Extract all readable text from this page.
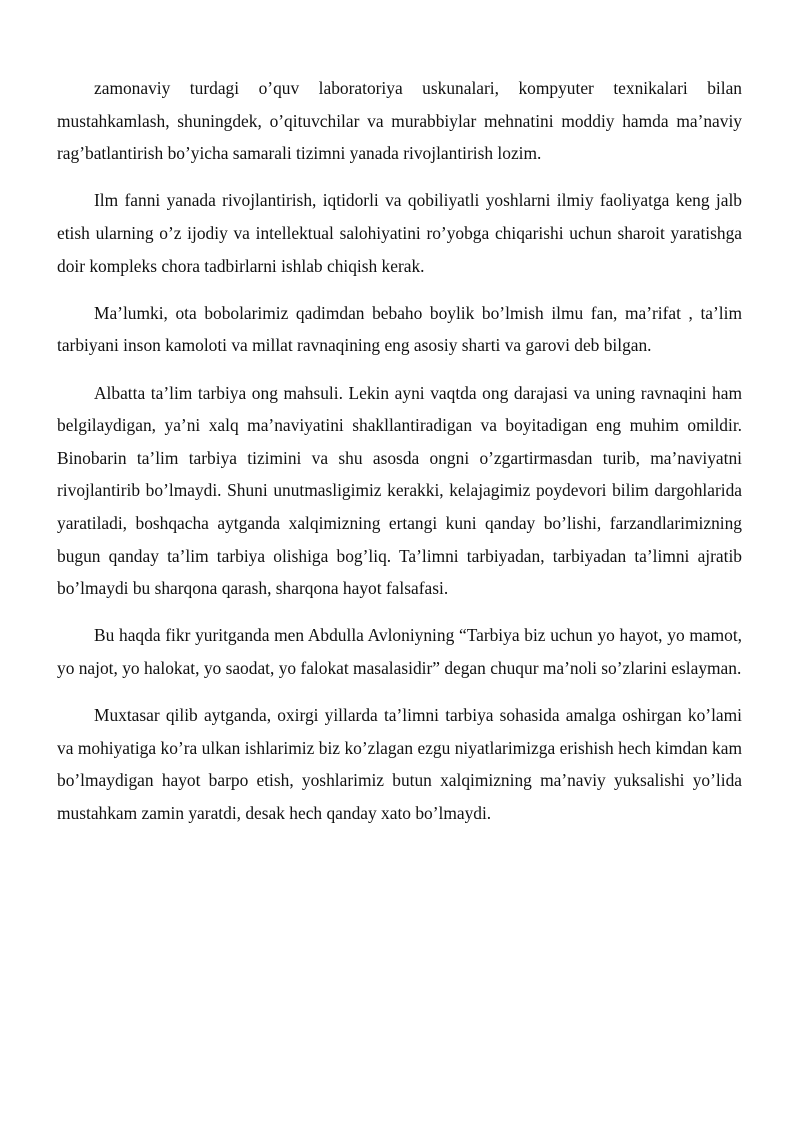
zamonaviy turdagi o’quv laboratoriya uskunalari, kompyuter texnikalari bilan mustahkamlash, shuningdek, o’qituvchilar va murabbiylar mehnatini moddiy hamda ma’naviy rag’batlantirish bo’yicha samarali tizimni yanada rivojlantirish lozim.

Ilm fanni yanada rivojlantirish, iqtidorli va qobiliyatli yoshlarni ilmiy faoliyatga keng jalb etish ularning o’z ijodiy va intellektual salohiyatini ro’yobga chiqarishi uchun sharoit yaratishga doir kompleks chora tadbirlarni ishlab chiqish kerak.

Ma’lumki, ota bobolarimiz qadimdan bebaho boylik bo’lmish ilmu fan, ma’rifat , ta’lim tarbiyani inson kamoloti va millat ravnaqining eng asosiy sharti va garovi deb bilgan.

Albatta ta’lim tarbiya ong mahsuli. Lekin ayni vaqtda ong darajasi va uning ravnaqini ham belgilaydigan, ya’ni xalq ma’naviyatini shakllantiradigan va boyitadigan eng muhim omildir. Binobarin ta’lim tarbiya tizimini va shu asosda ongni o’zgartirmasdan turib, ma’naviyatni rivojlantirib bo’lmaydi. Shuni unutmasligimiz kerakki, kelajagimiz poydevori bilim dargohlarida yaratiladi, boshqacha aytganda xalqimizning ertangi kuni qanday bo’lishi, farzandlarimizning bugun qanday ta’lim tarbiya olishiga bog’liq. Ta’limni tarbiyadan, tarbiyadan ta’limni ajratib bo’lmaydi bu sharqona qarash, sharqona hayot falsafasi.

Bu haqda fikr yuritganda men Abdulla Avloniyning “Tarbiya biz uchun yo hayot, yo mamot, yo najot, yo halokat, yo saodat, yo falokat masalasidir” degan chuqur ma’noli so’zlarini eslayman.

Muxtasar qilib aytganda, oxirgi yillarda ta’limni tarbiya sohasida amalga oshirgan ko’lami va mohiyatiga ko’ra ulkan ishlarimiz biz ko’zlagan ezgu niyatlarimizga erishish hech kimdan kam bo’lmaydigan hayot barpo etish, yoshlarimiz butun xalqimizning ma’naviy yuksalishi yo’lida mustahkam zamin yaratdi, desak hech qanday xato bo’lmaydi.
